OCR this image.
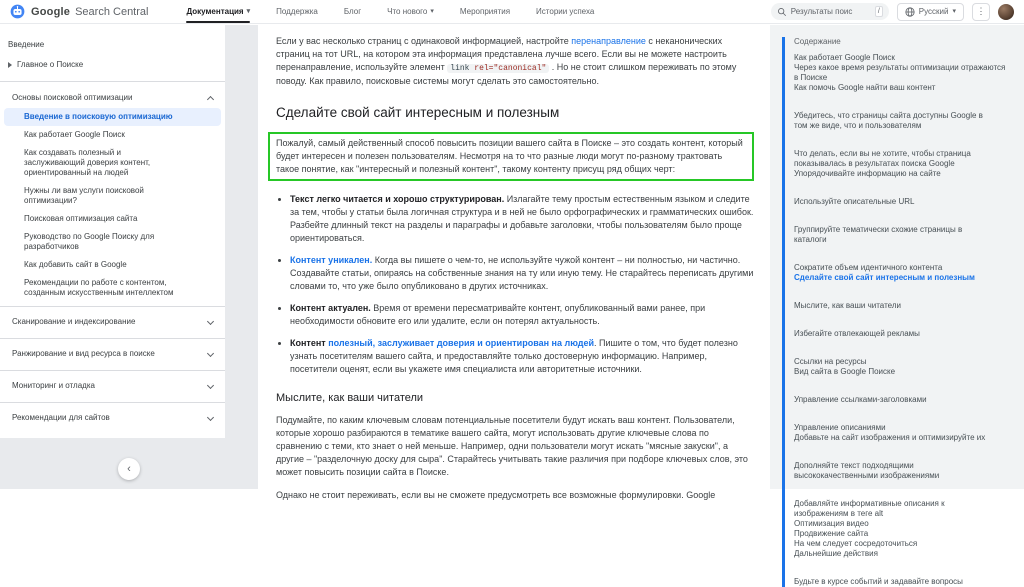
Google Search Central	Документация ▾	Поддержка	Блог	Что нового ▾	Мероприятия	Истории успеха	Результаты поис	/	Русский ▾	⋮
Введение
Главное о Поиске
Основы поисковой оптимизации
Введение в поисковую оптимизацию
Как работает Google Поиск
Как создавать полезный и заслуживающий доверия контент, ориентированный на людей
Нужны ли вам услуги поисковой оптимизации?
Поисковая оптимизация сайта
Руководство по Google Поиску для разработчиков
Как добавить сайт в Google
Рекомендации по работе с контентом, созданным искусственным интеллектом
Сканирование и индексирование
Ранжирование и вид ресурса в поиске
Мониторинг и отладка
Рекомендации для сайтов
‹

Если у вас несколько страниц с одинаковой информацией, настройте перенаправление с неканонических страниц на тот URL, на котором эта информация представлена лучше всего. Если вы не можете настроить перенаправление, используйте элемент link rel="canonical" . Но не стоит слишком переживать по этому поводу. Как правило, поисковые системы могут сделать это самостоятельно.

Сделайте свой сайт интересным и полезным

Пожалуй, самый действенный способ повысить позиции вашего сайта в Поиске – это создать контент, который будет интересен и полезен пользователям. Несмотря на то что разные люди могут по-разному трактовать такое понятие, как "интересный и полезный контент", такому контенту присущ ряд общих черт:

• Текст легко читается и хорошо структурирован. Излагайте тему простым естественным языком и следите за тем, чтобы у статьи была логичная структура и в ней не было орфографических и грамматических ошибок. Разбейте длинный текст на разделы и параграфы и добавьте заголовки, чтобы пользователям было проще ориентироваться.
• Контент уникален. Когда вы пишете о чем-то, не используйте чужой контент – ни полностью, ни частично. Создавайте статьи, опираясь на собственные знания на ту или иную тему. Не старайтесь переписать другими словами то, что уже было опубликовано в других источниках.
• Контент актуален. Время от времени пересматривайте контент, опубликованный вами ранее, при необходимости обновите его или удалите, если он потерял актуальность.
• Контент полезный, заслуживает доверия и ориентирован на людей. Пишите о том, что будет полезно узнать посетителям вашего сайта, и предоставляйте только достоверную информацию. Например, посетители оценят, если вы укажете имя специалиста или авторитетные источники.
Мыслите, как ваши читатели

Подумайте, по каким ключевым словам потенциальные посетители будут искать ваш контент. Пользователи, которые хорошо разбираются в тематике вашего сайта, могут использовать другие ключевые слова по сравнению с теми, кто знает о ней меньше. Например, одни пользователи могут искать "мясные закуски", а другие – "разделочную доску для сыра". Старайтесь учитывать такие различия при подборе ключевых слов, это может повысить позиции сайта в Поиске.

Однако не стоит переживать, если вы не сможете предусмотреть все возможные формулировки. Google

Содержание
Как работает Google Поиск
Через какое время результаты оптимизации отражаются в Поиске
Как помочь Google найти ваш контент
Убедитесь, что страницы сайта доступны Google в том же виде, что и пользователям
Что делать, если вы не хотите, чтобы страница показывалась в результатах поиска Google
Упорядочивайте информацию на сайте
Используйте описательные URL
Группируйте тематически схожие страницы в каталоги
Сократите объем идентичного контента
Сделайте свой сайт интересным и полезным
Мыслите, как ваши читатели
Избегайте отвлекающей рекламы
Ссылки на ресурсы
Вид сайта в Google Поиске
Управление ссылками-заголовками
Управление описаниями
Добавьте на сайт изображения и оптимизируйте их
Дополняйте текст подходящими высококачественными изображениями
Добавляйте информативные описания к изображениям в теге alt
Оптимизация видео
Продвижение сайта
На чем следует сосредоточиться
Дальнейшие действия
Будьте в курсе событий и задавайте вопросы
